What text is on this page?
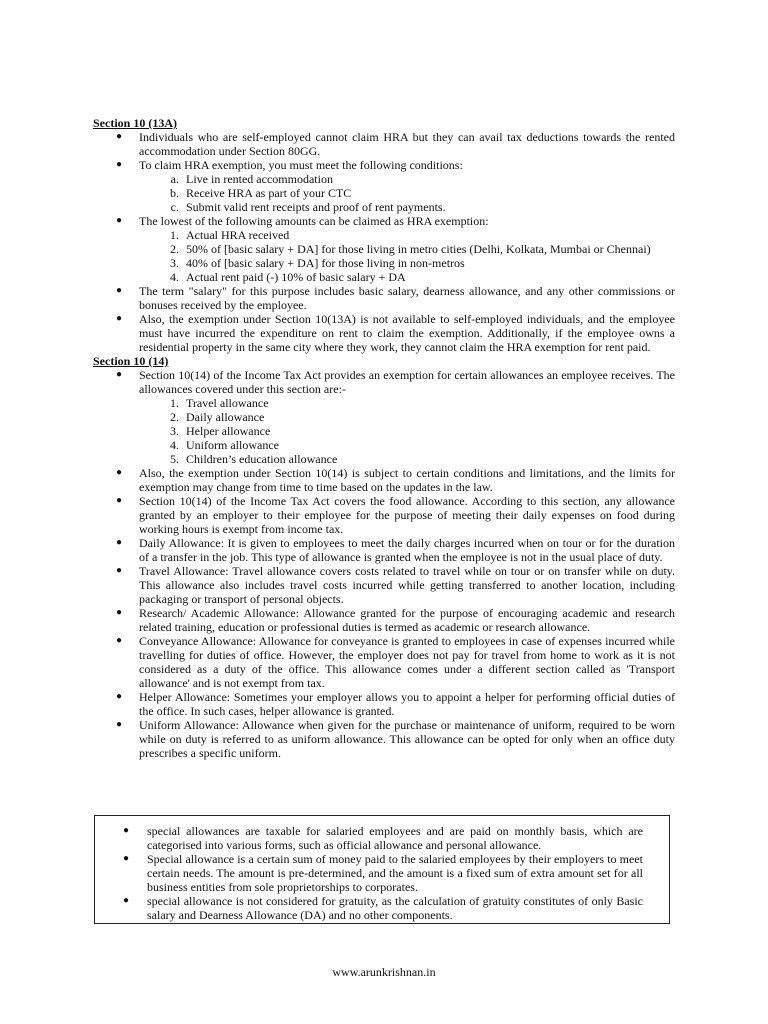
Section 10 (13A)
● Individuals who are self-employed cannot claim HRA but they can avail tax deductions towards the rented accommodation under Section 80GG.
● To claim HRA exemption, you must meet the following conditions:
a. Live in rented accommodation
b. Receive HRA as part of your CTC
c. Submit valid rent receipts and proof of rent payments.
● The lowest of the following amounts can be claimed as HRA exemption:
1. Actual HRA received
2. 50% of [basic salary + DA] for those living in metro cities (Delhi, Kolkata, Mumbai or Chennai)
3. 40% of [basic salary + DA] for those living in non-metros
4. Actual rent paid (-) 10% of basic salary + DA
● The term "salary" for this purpose includes basic salary, dearness allowance, and any other commissions or bonuses received by the employee.
● Also, the exemption under Section 10(13A) is not available to self-employed individuals, and the employee must have incurred the expenditure on rent to claim the exemption. Additionally, if the employee owns a residential property in the same city where they work, they cannot claim the HRA exemption for rent paid.
Section 10 (14)
● Section 10(14) of the Income Tax Act provides an exemption for certain allowances an employee receives. The allowances covered under this section are:-
1. Travel allowance
2. Daily allowance
3. Helper allowance
4. Uniform allowance
5. Children’s education allowance
● Also, the exemption under Section 10(14) is subject to certain conditions and limitations, and the limits for exemption may change from time to time based on the updates in the law.
● Section 10(14) of the Income Tax Act covers the food allowance. According to this section, any allowance granted by an employer to their employee for the purpose of meeting their daily expenses on food during working hours is exempt from income tax.
● Daily Allowance: It is given to employees to meet the daily charges incurred when on tour or for the duration of a transfer in the job. This type of allowance is granted when the employee is not in the usual place of duty.
● Travel Allowance: Travel allowance covers costs related to travel while on tour or on transfer while on duty. This allowance also includes travel costs incurred while getting transferred to another location, including packaging or transport of personal objects.
● Research/ Academic Allowance: Allowance granted for the purpose of encouraging academic and research related training, education or professional duties is termed as academic or research allowance.
● Conveyance Allowance: Allowance for conveyance is granted to employees in case of expenses incurred while travelling for duties of office. However, the employer does not pay for travel from home to work as it is not considered as a duty of the office. This allowance comes under a different section called as 'Transport allowance' and is not exempt from tax.
● Helper Allowance: Sometimes your employer allows you to appoint a helper for performing official duties of the office. In such cases, helper allowance is granted.
● Uniform Allowance: Allowance when given for the purchase or maintenance of uniform, required to be worn while on duty is referred to as uniform allowance. This allowance can be opted for only when an office duty prescribes a specific uniform.
● special allowances are taxable for salaried employees and are paid on monthly basis, which are categorised into various forms, such as official allowance and personal allowance.
● Special allowance is a certain sum of money paid to the salaried employees by their employers to meet certain needs. The amount is pre-determined, and the amount is a fixed sum of extra amount set for all business entities from sole proprietorships to corporates.
● special allowance is not considered for gratuity, as the calculation of gratuity constitutes of only Basic salary and Dearness Allowance (DA) and no other components.
www.arunkrishnan.in
